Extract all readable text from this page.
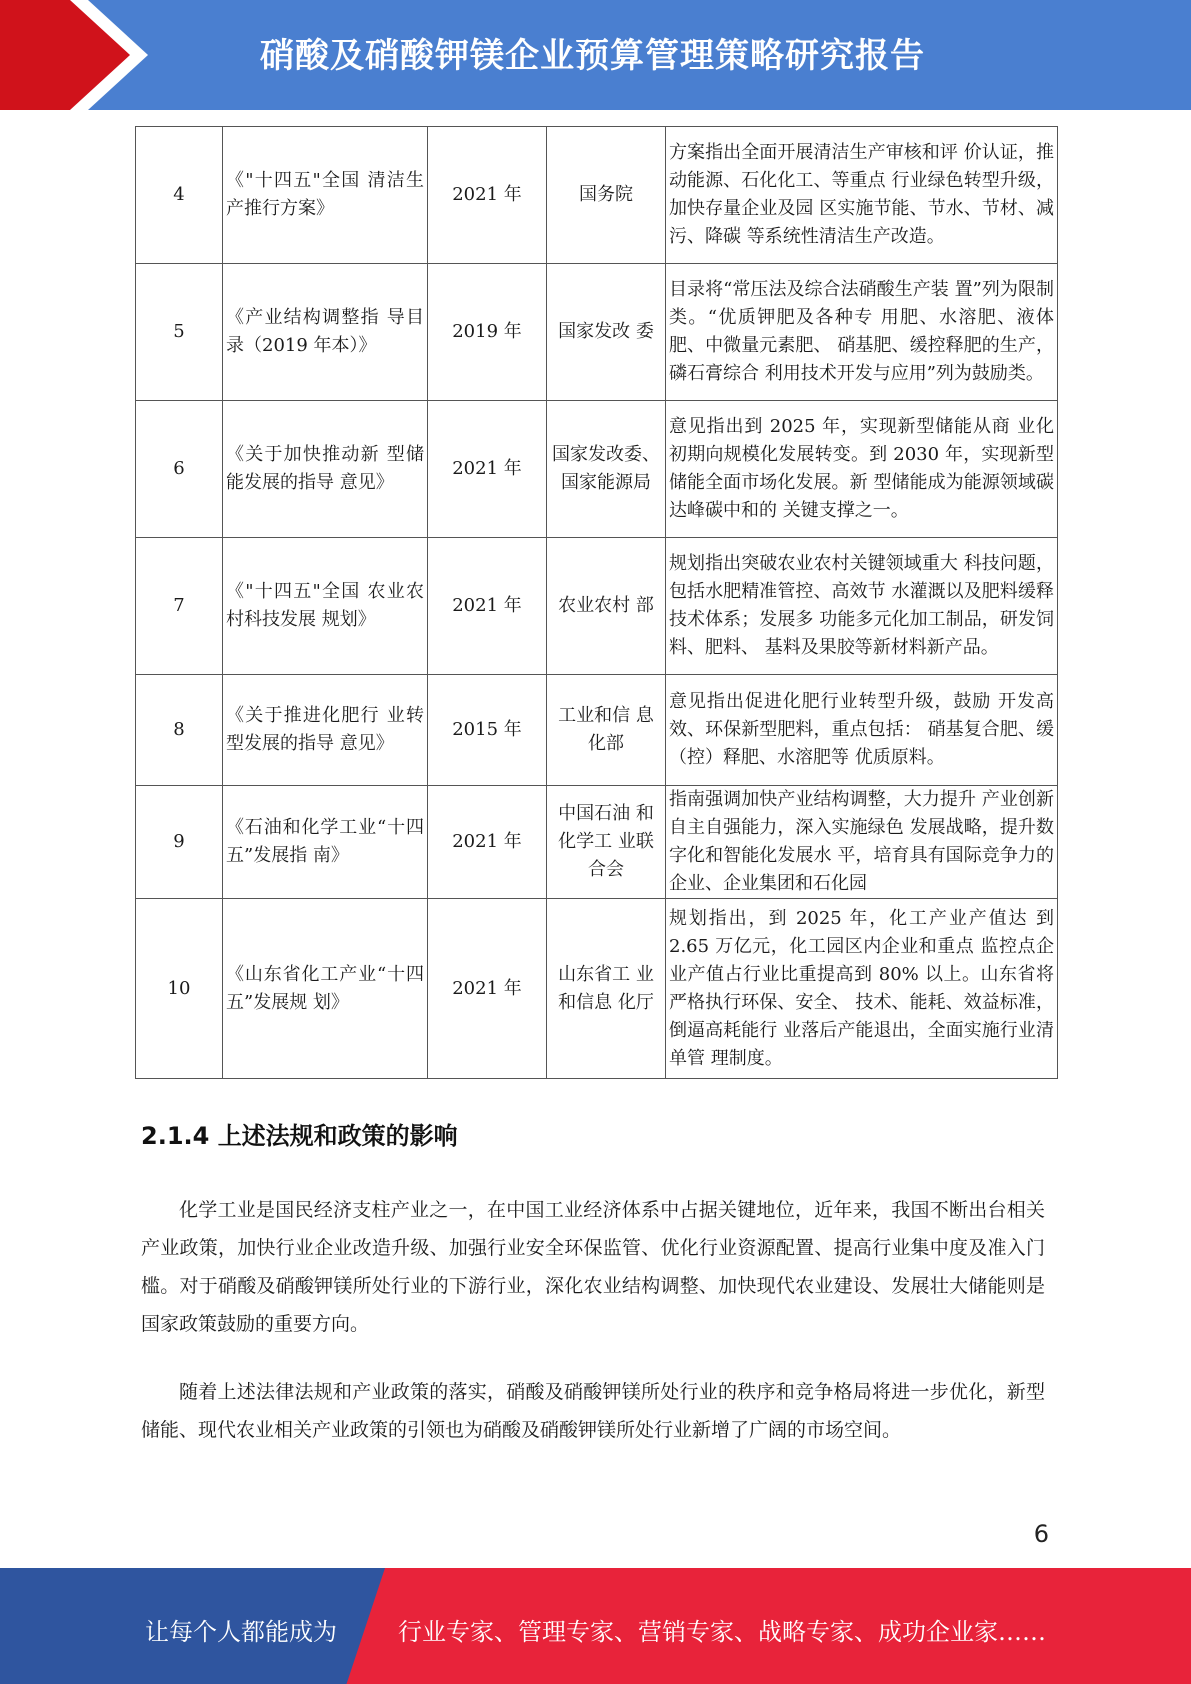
硝酸及硝酸钾镁企业预算管理策略研究报告
4	《"十四五"全国 清洁生产推行方案》	2021 年	国务院	方案指出全面开展清洁生产审核和评 价认证，推动能源、石化化工、等重点 行业绿色转型升级，加快存量企业及园 区实施节能、节水、节材、减污、降碳 等系统性清洁生产改造。
5	《产业结构调整指 导目录（2019 年本）》	2019 年	国家发改 委	目录将“常压法及综合法硝酸生产装 置”列为限制类。“优质钾肥及各种专 用肥、水溶肥、液体肥、中微量元素肥、 硝基肥、缓控释肥的生产，磷石膏综合 利用技术开发与应用”列为鼓励类。
6	《关于加快推动新 型储能发展的指导 意见》	2021 年	国家发改委、国家能源局	意见指出到 2025 年，实现新型储能从商 业化初期向规模化发展转变。到 2030 年，实现新型储能全面市场化发展。新 型储能成为能源领域碳达峰碳中和的 关键支撑之一。
7	《"十四五"全国 农业农村科技发展 规划》	2021 年	农业农村 部	规划指出突破农业农村关键领域重大 科技问题，包括水肥精准管控、高效节 水灌溉以及肥料缓释技术体系；发展多 功能多元化加工制品，研发饲料、肥料、 基料及果胶等新材料新产品。
8	《关于推进化肥行 业转型发展的指导 意见》	2015 年	工业和信 息化部	意见指出促进化肥行业转型升级，鼓励 开发高效、环保新型肥料，重点包括： 硝基复合肥、缓（控）释肥、水溶肥等 优质原料。
9	《石油和化学工业“十四五”发展指 南》	2021 年	中国石油 和化学工 业联合会	指南强调加快产业结构调整，大力提升 产业创新自主自强能力，深入实施绿色 发展战略，提升数字化和智能化发展水 平，培育具有国际竞争力的企业、企业集团和石化园
10	《山东省化工产业“十四五”发展规 划》	2021 年	山东省工 业和信息 化厅	规划指出，到 2025 年，化工产业产值达 到 2.65 万亿元，化工园区内企业和重点 监控点企业产值占行业比重提高到 80% 以上。山东省将严格执行环保、安全、 技术、能耗、效益标准，倒逼高耗能行 业落后产能退出，全面实施行业清单管 理制度。
2.1.4 上述法规和政策的影响

化学工业是国民经济支柱产业之一，在中国工业经济体系中占据关键地位，近年来，我国不断出台相关产业政策，加快行业企业改造升级、加强行业安全环保监管、优化行业资源配置、提高行业集中度及准入门槛。对于硝酸及硝酸钾镁所处行业的下游行业，深化农业结构调整、加快现代农业建设、发展壮大储能则是国家政策鼓励的重要方向。

随着上述法律法规和产业政策的落实，硝酸及硝酸钾镁所处行业的秩序和竞争格局将进一步优化，新型储能、现代农业相关产业政策的引领也为硝酸及硝酸钾镁所处行业新增了广阔的市场空间。

6
让每个人都能成为	行业专家、管理专家、营销专家、战略专家、成功企业家……
